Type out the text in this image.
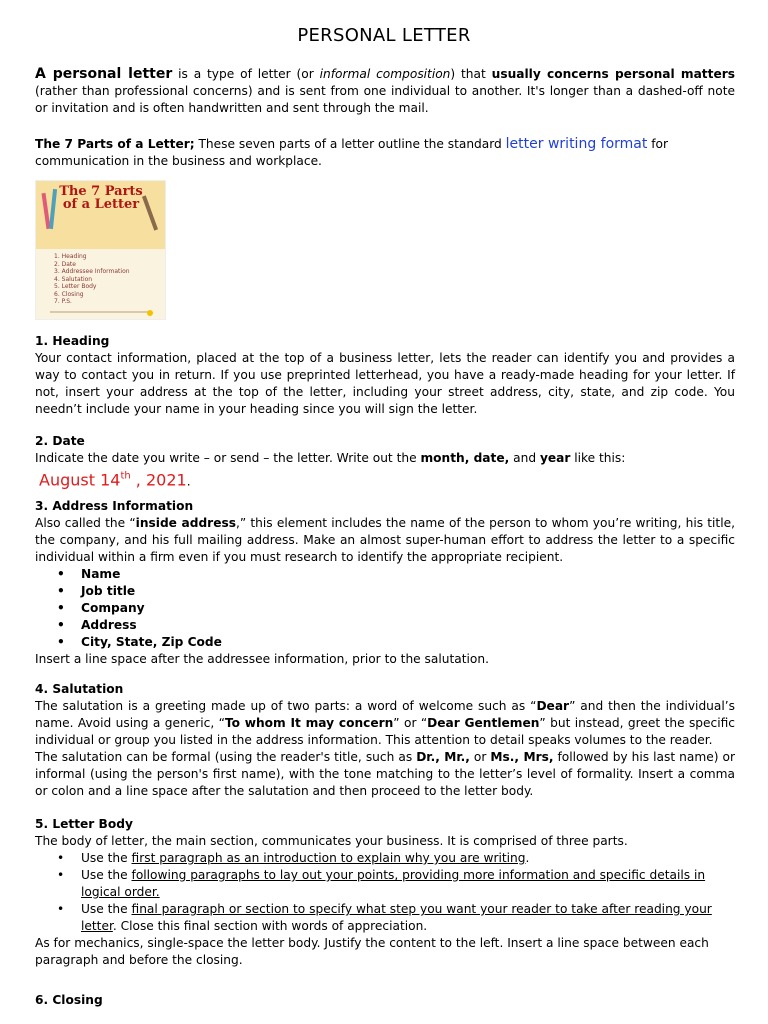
PERSONAL LETTER
A personal letter is a type of letter (or informal composition) that usually concerns personal matters (rather than professional concerns) and is sent from one individual to another. It's longer than a dashed-off note or invitation and is often handwritten and sent through the mail.
The 7 Parts of a Letter; These seven parts of a letter outline the standard letter writing format for communication in the business and workplace.
The 7 Parts of a Letter
1. Heading
2. Date
3. Addressee Information
4. Salutation
5. Letter Body
6. Closing
7. P.S.
1. Heading
Your contact information, placed at the top of a business letter, lets the reader can identify you and provides a way to contact you in return. If you use preprinted letterhead, you have a ready-made heading for your letter. If not, insert your address at the top of the letter, including your street address, city, state, and zip code. You needn’t include your name in your heading since you will sign the letter.
2. Date
Indicate the date you write – or send – the letter. Write out the month, date, and year like this:
August 14th , 2021.
3. Address Information
Also called the “inside address,” this element includes the name of the person to whom you’re writing, his title, the company, and his full mailing address. Make an almost super-human effort to address the letter to a specific individual within a firm even if you must research to identify the appropriate recipient.
• Name
• Job title
• Company
• Address
• City, State, Zip Code
Insert a line space after the addressee information, prior to the salutation.
4. Salutation
The salutation is a greeting made up of two parts: a word of welcome such as “Dear” and then the individual’s name. Avoid using a generic, “To whom It may concern” or “Dear Gentlemen” but instead, greet the specific individual or group you listed in the address information. This attention to detail speaks volumes to the reader.
The salutation can be formal (using the reader's title, such as Dr., Mr., or Ms., Mrs, followed by his last name) or informal (using the person's first name), with the tone matching to the letter’s level of formality. Insert a comma or colon and a line space after the salutation and then proceed to the letter body.
5. Letter Body
The body of letter, the main section, communicates your business. It is comprised of three parts.
• Use the first paragraph as an introduction to explain why you are writing.
• Use the following paragraphs to lay out your points, providing more information and specific details in logical order.
• Use the final paragraph or section to specify what step you want your reader to take after reading your letter. Close this final section with words of appreciation.
As for mechanics, single-space the letter body. Justify the content to the left. Insert a line space between each paragraph and before the closing.
6. Closing
